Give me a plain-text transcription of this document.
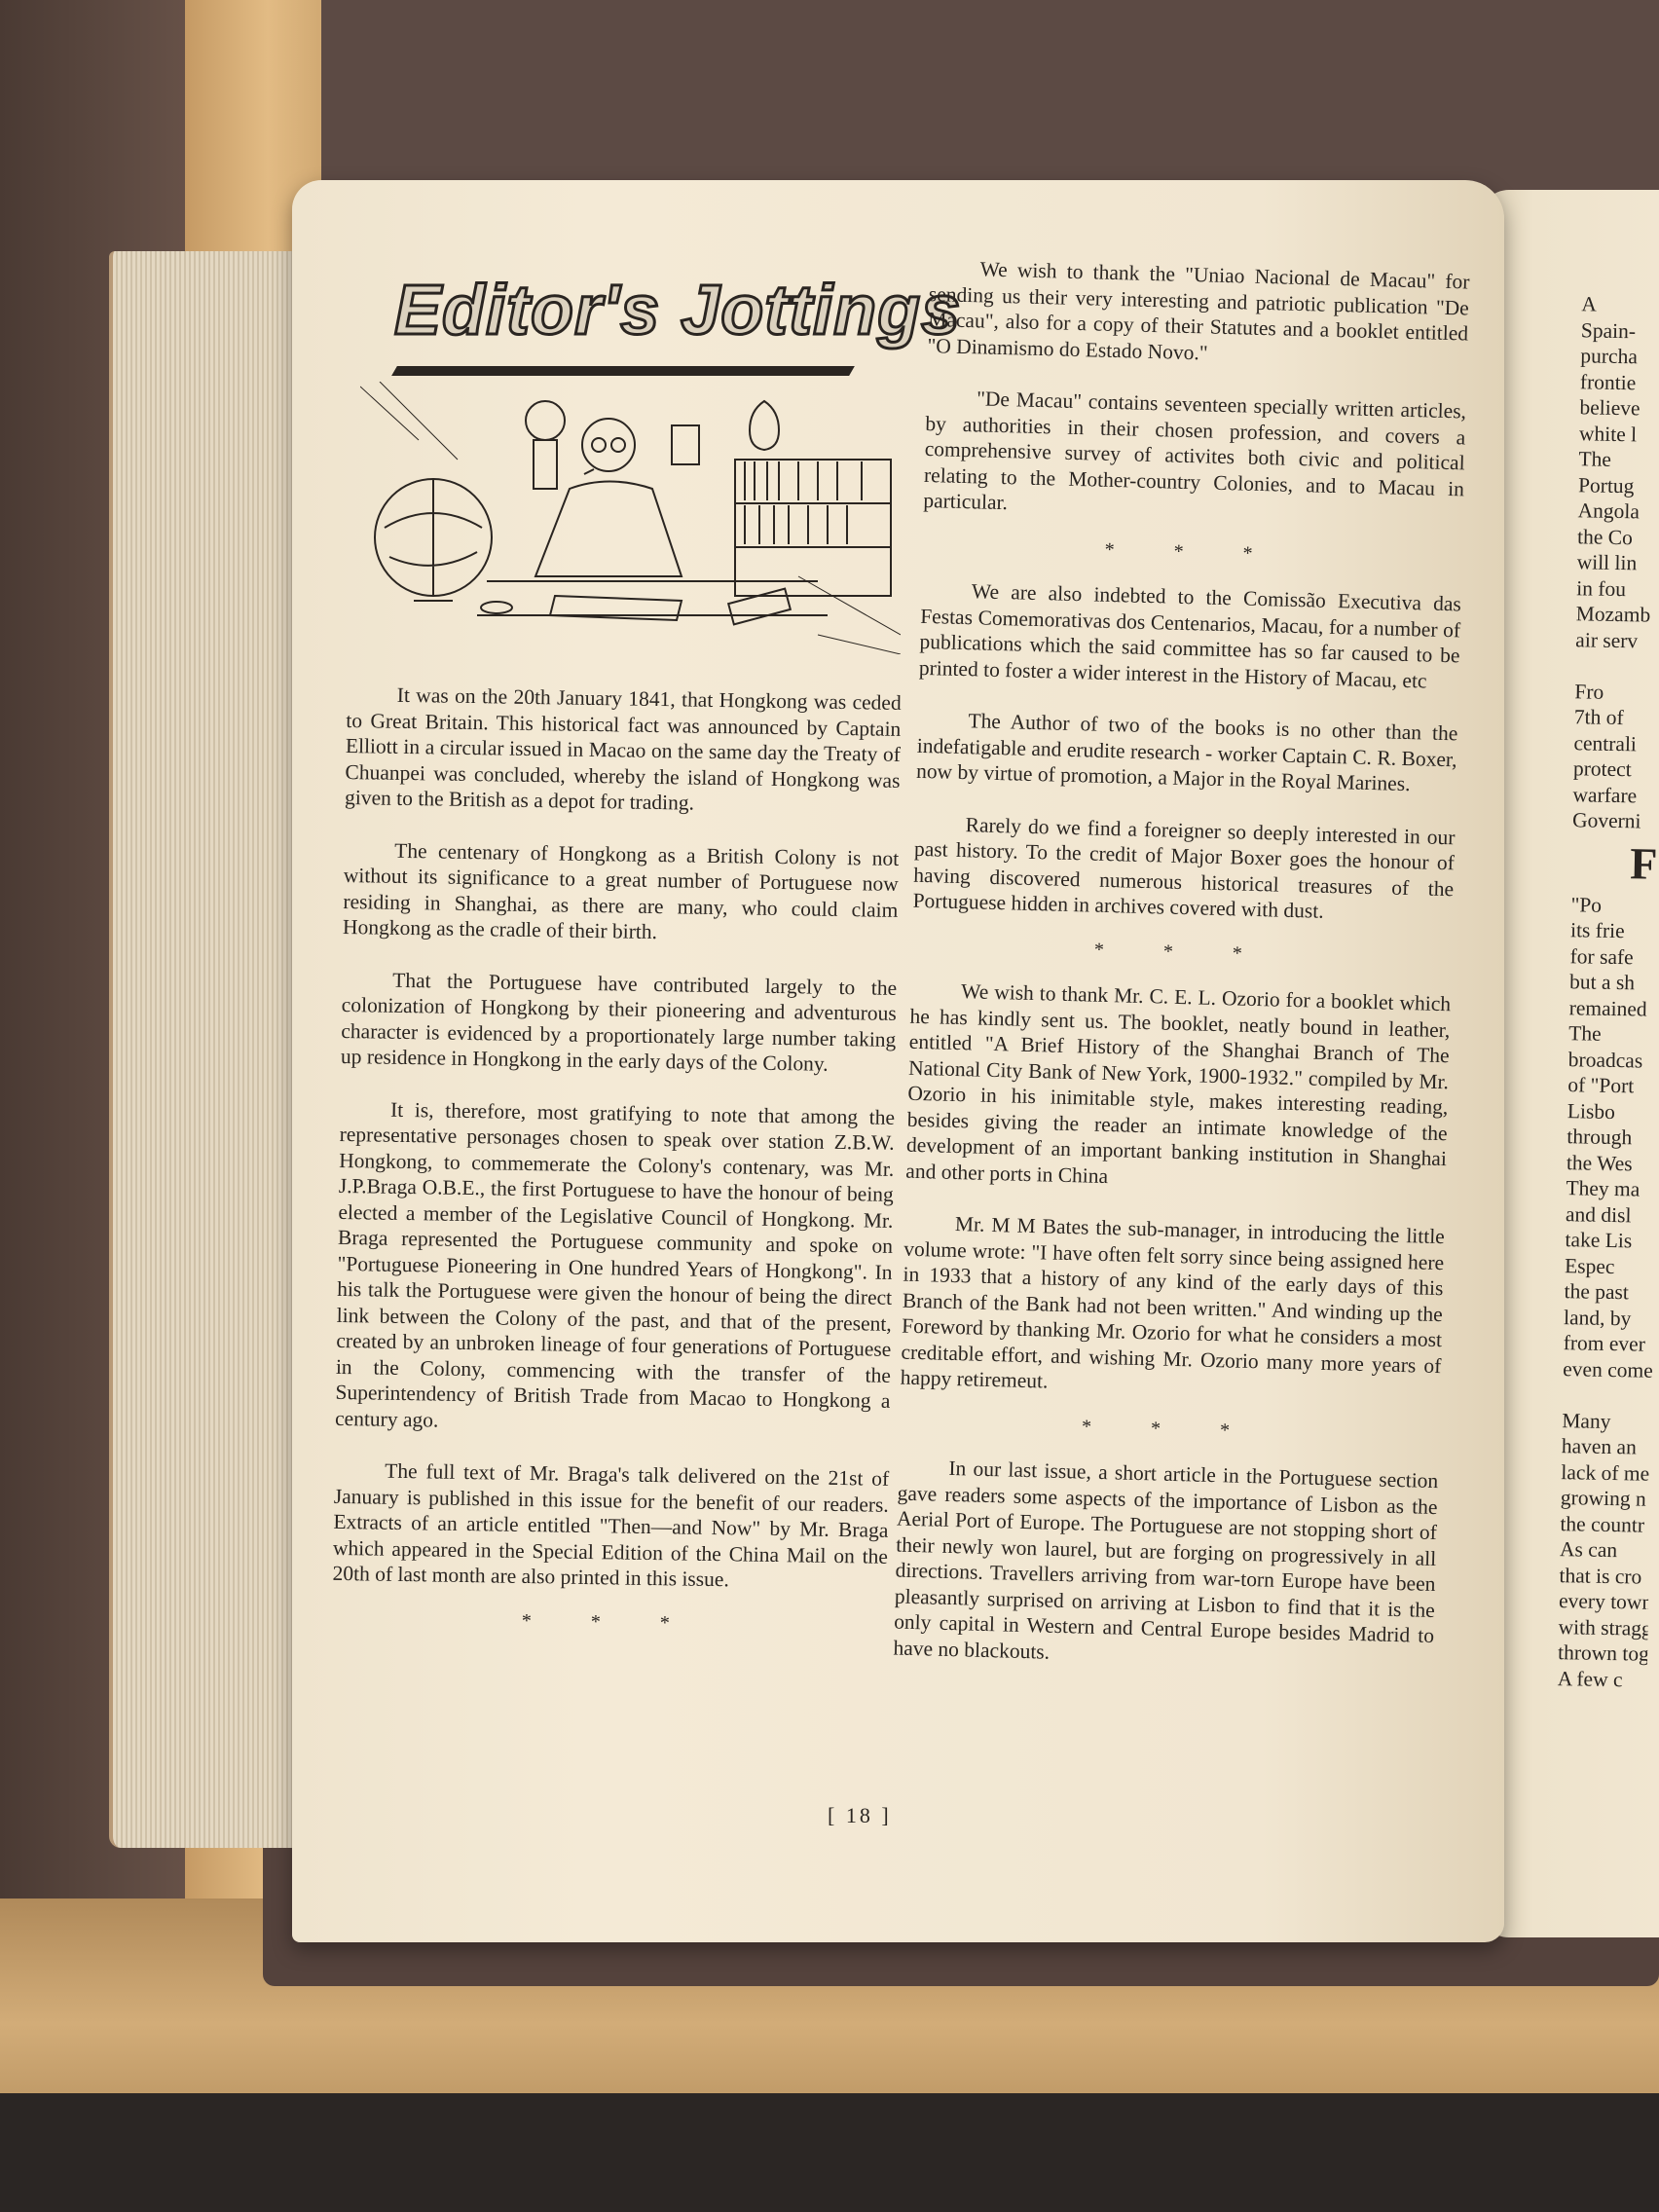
Editor's Jottings

It was on the 20th January 1841, that Hongkong was ceded to Great Britain. This historical fact was announced by Captain Elliott in a circular issued in Macao on the same day the Treaty of Chuanpei was concluded, whereby the island of Hongkong was given to the British as a depot for trading.

The centenary of Hongkong as a British Colony is not without its significance to a great number of Portuguese now residing in Shanghai, as there are many, who could claim Hongkong as the cradle of their birth.

That the Portuguese have contributed largely to the colonization of Hongkong by their pioneering and adventurous character is evidenced by a proportionately large number taking up residence in Hongkong in the early days of the Colony.

It is, therefore, most gratifying to note that among the representative personages chosen to speak over station Z.B.W. Hongkong, to commemerate the Colony's contenary, was Mr. J.P.Braga O.B.E., the first Portuguese to have the honour of being elected a member of the Legislative Council of Hongkong. Mr. Braga represented the Portuguese community and spoke on "Portuguese Pioneering in One hundred Years of Hongkong". In his talk the Portuguese were given the honour of being the direct link between the Colony of the past, and that of the present, created by an unbroken lineage of four generations of Portuguese in the Colony, commencing with the transfer of the Superintendency of British Trade from Macao to Hongkong a century ago.

The full text of Mr. Braga's talk delivered on the 21st of January is published in this issue for the benefit of our readers. Extracts of an article entitled "Then—and Now" by Mr. Braga which appeared in the Special Edition of the China Mail on the 20th of last month are also printed in this issue.

* * *

We wish to thank the "Uniao Nacional de Macau" for sending us their very interesting and patriotic publication "De Macau", also for a copy of their Statutes and a booklet entitled "O Dinamismo do Estado Novo."

"De Macau" contains seventeen specially written articles, by authorities in their chosen profession, and covers a comprehensive survey of activites both civic and political relating to the Mother-country Colonies, and to Macau in particular.

* * *

We are also indebted to the Comissão Executiva das Festas Comemorativas dos Centenarios, Macau, for a number of publications which the said committee has so far caused to be printed to foster a wider interest in the History of Macau, etc

The Author of two of the books is no other than the indefatigable and erudite research - worker Captain C. R. Boxer, now by virtue of promotion, a Major in the Royal Marines.

Rarely do we find a foreigner so deeply interested in our past history. To the credit of Major Boxer goes the honour of having discovered numerous historical treasures of the Portuguese hidden in archives covered with dust.

* * *

We wish to thank Mr. C. E. L. Ozorio for a booklet which he has kindly sent us. The booklet, neatly bound in leather, entitled "A Brief History of the Shanghai Branch of The National City Bank of New York, 1900-1932." compiled by Mr. Ozorio in his inimitable style, makes interesting reading, besides giving the reader an intimate knowledge of the development of an important banking institution in Shanghai and other ports in China

Mr. M M Bates the sub-manager, in introducing the little volume wrote: "I have often felt sorry since being assigned here in 1933 that a history of any kind of the early days of this Branch of the Bank had not been written." And winding up the Foreword by thanking Mr. Ozorio for what he considers a most creditable effort, and wishing Mr. Ozorio many more years of happy retiremeut.

* * *

In our last issue, a short article in the Portuguese section gave readers some aspects of the importance of Lisbon as the Aerial Port of Europe. The Portuguese are not stopping short of their newly won laurel, but are forging on progressively in all directions. Travellers arriving from war-torn Europe have been pleasantly surprised on arriving at Lisbon to find that it is the only capital in Western and Central Europe besides Madrid to have no blackouts.

[ 18 ]
A
Spain-
purcha
frontie
believe
white l
The
Portug
Angola
the Co
will lin
in fou
Mozamb
air serv
Fro
7th of
centrali
protect
warfare
Governi
F
"Po
its frie
for safe
but a sh
remained
The
broadcas
of "Port
Lisbo
through
the Wes
They ma
and disl
take Lis
Espec
the past
land, by
from ever
even come
Many
haven an
lack of me
growing n
the countr
As can
that is cro
every town
with straggl
thrown toge
A few c
